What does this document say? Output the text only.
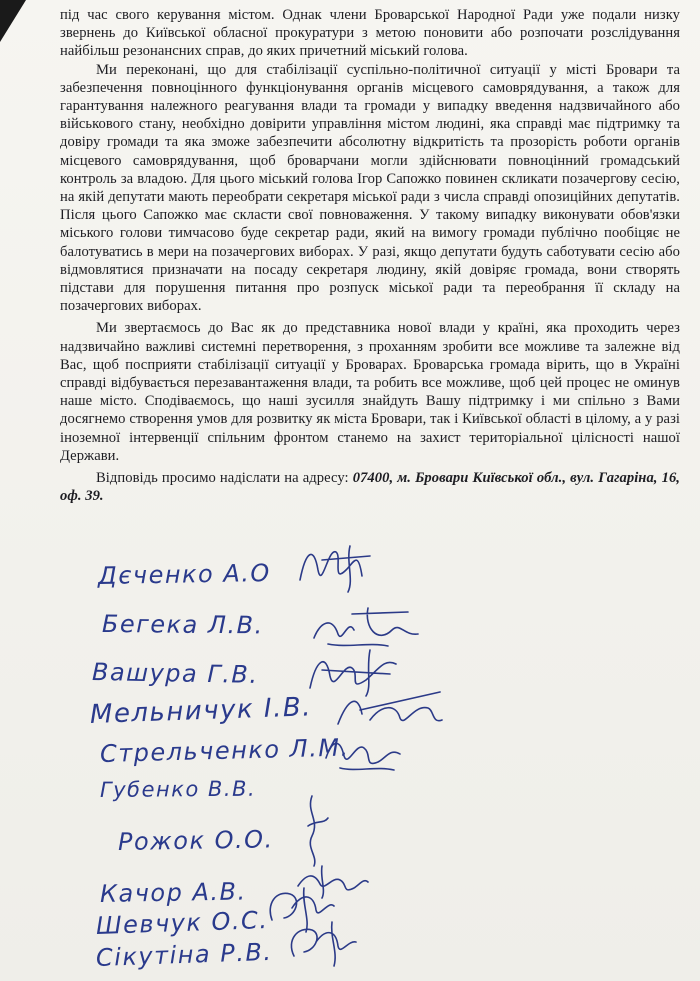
під час свого керування містом. Однак члени Броварської Народної Ради уже подали низку звернень до Київської обласної прокуратури з метою поновити або розпочати розслідування найбільш резонансних справ, до яких причетний міський голова.

Ми переконані, що для стабілізації суспільно-політичної ситуації у місті Бровари та забезпечення повноцінного функціонування органів місцевого самоврядування, а також для гарантування належного реагування влади та громади у випадку введення надзвичайного або військового стану, необхідно довірити управління містом людині, яка справді має підтримку та довіру громади та яка зможе забезпечити абсолютну відкритість та прозорість роботи органів місцевого самоврядування, щоб броварчани могли здійснювати повноцінний громадський контроль за владою. Для цього міський голова Ігор Сапожко повинен скликати позачергову сесію, на якій депутати мають переобрати секретаря міської ради з числа справді опозиційних депутатів. Після цього Сапожко має скласти свої повноваження. У такому випадку виконувати обов'язки міського голови тимчасово буде секретар ради, який на вимогу громади публічно пообіцяє не балотуватись в мери на позачергових виборах. У разі, якщо депутати будуть саботувати сесію або відмовлятися призначати на посаду секретаря людину, якій довіряє громада, вони створять підстави для порушення питання про розпуск міської ради та переобрання її складу на позачергових виборах.

Ми звертаємось до Вас як до представника нової влади у країні, яка проходить через надзвичайно важливі системні перетворення, з проханням зробити все можливе та залежне від Вас, щоб посприяти стабілізації ситуації у Броварах. Броварська громада вірить, що в Україні справді відбувається перезавантаження влади, та робить все можливе, щоб цей процес не оминув наше місто. Сподіваємось, що наші зусилля знайдуть Вашу підтримку і ми спільно з Вами досягнемо створення умов для розвитку як міста Бровари, так і Київської області в цілому, а у разі іноземної інтервенції спільним фронтом станемо на захист територіальної цілісності нашої Держави.

Відповідь просимо надіслати на адресу: 07400, м. Бровари Київської обл., вул. Гагаріна, 16, оф. 39.

Дєченко А.О
Бегека Л.В.
Вашура Г.В.
Мельничук І.В.
Стрельченко Л.М.
Губенко В.В.
Рожок О.О.
Качор А.В.
Шевчук О.С.
Сікутіна Р.В.
